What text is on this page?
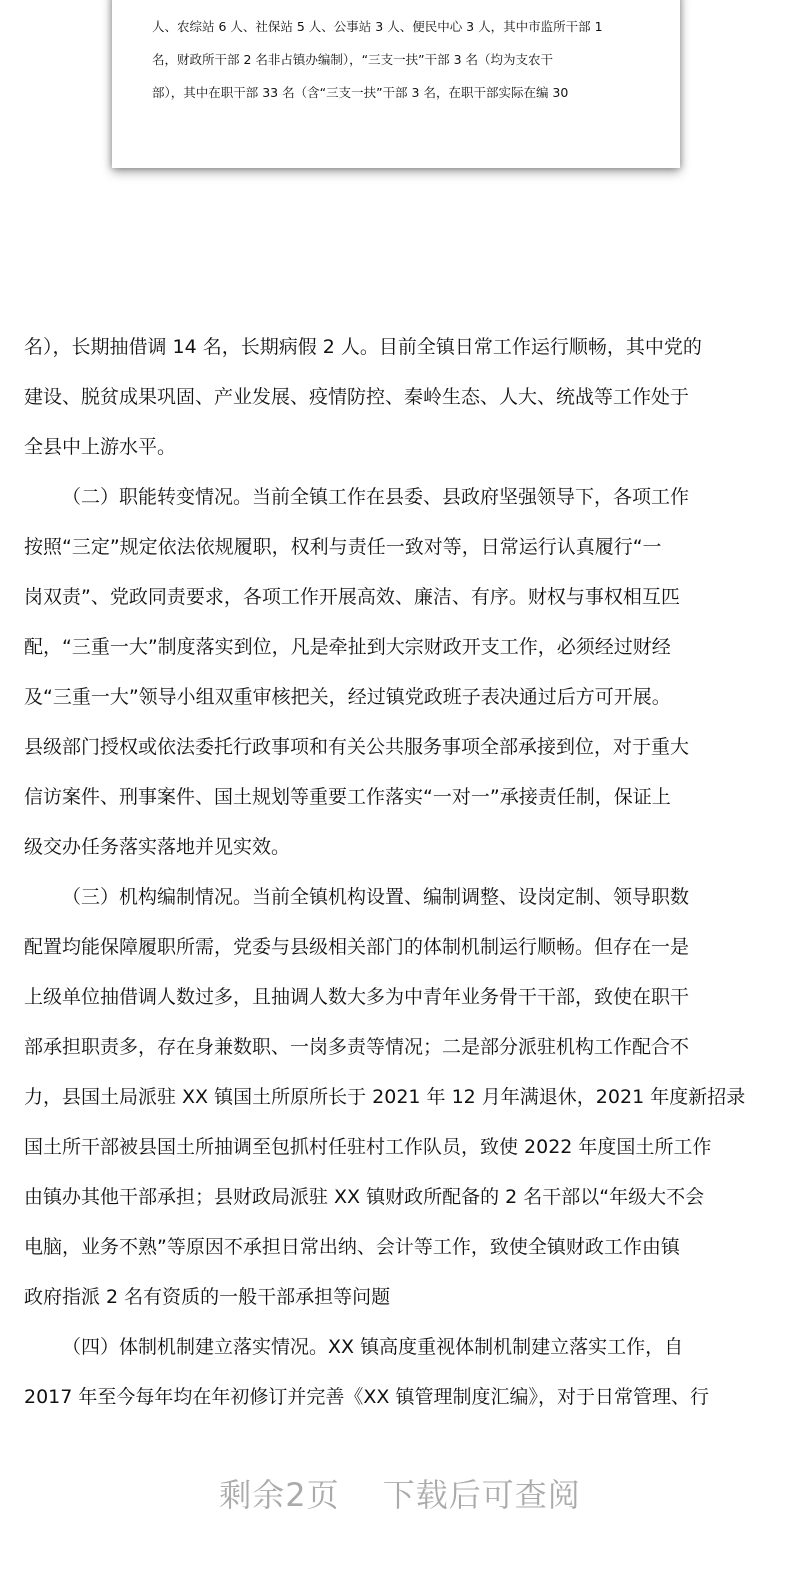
人、农综站 6 人、社保站 5 人、公事站 3 人、便民中心 3 人，其中市监所干部 1
名，财政所干部 2 名非占镇办编制），“三支一扶”干部 3 名（均为支农干
部），其中在职干部 33 名（含“三支一扶”干部 3 名，在职干部实际在编 30
名），长期抽借调 14 名，长期病假 2 人。目前全镇日常工作运行顺畅，其中党的
建设、脱贫成果巩固、产业发展、疫情防控、秦岭生态、人大、统战等工作处于
全县中上游水平。
（二）职能转变情况。当前全镇工作在县委、县政府坚强领导下，各项工作
按照“三定”规定依法依规履职，权利与责任一致对等，日常运行认真履行“一
岗双责”、党政同责要求，各项工作开展高效、廉洁、有序。财权与事权相互匹
配，“三重一大”制度落实到位，凡是牵扯到大宗财政开支工作，必须经过财经
及“三重一大”领导小组双重审核把关，经过镇党政班子表决通过后方可开展。
县级部门授权或依法委托行政事项和有关公共服务事项全部承接到位，对于重大
信访案件、刑事案件、国土规划等重要工作落实“一对一”承接责任制，保证上
级交办任务落实落地并见实效。
（三）机构编制情况。当前全镇机构设置、编制调整、设岗定制、领导职数
配置均能保障履职所需，党委与县级相关部门的体制机制运行顺畅。但存在一是
上级单位抽借调人数过多，且抽调人数大多为中青年业务骨干干部，致使在职干
部承担职责多，存在身兼数职、一岗多责等情况；二是部分派驻机构工作配合不
力，县国土局派驻 XX 镇国土所原所长于 2021 年 12 月年满退休，2021 年度新招录
国土所干部被县国土所抽调至包抓村任驻村工作队员，致使 2022 年度国土所工作
由镇办其他干部承担；县财政局派驻 XX 镇财政所配备的 2 名干部以“年级大不会
电脑，业务不熟”等原因不承担日常出纳、会计等工作，致使全镇财政工作由镇
政府指派 2 名有资质的一般干部承担等问题
（四）体制机制建立落实情况。XX 镇高度重视体制机制建立落实工作，自
2017 年至今每年均在年初修订并完善《XX 镇管理制度汇编》，对于日常管理、行
剩余2页 下载后可查阅
